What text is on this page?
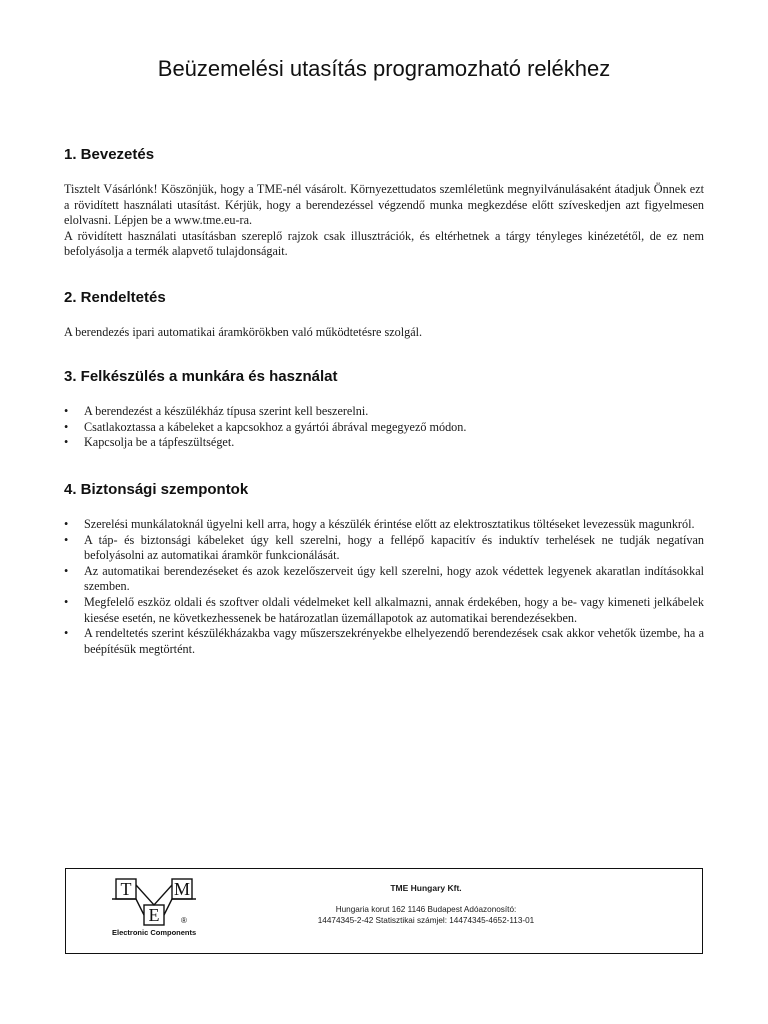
Beüzemelési utasítás programozható relékhez
1. Bevezetés

Tisztelt Vásárlónk! Köszönjük, hogy a TME-nél vásárolt. Környezettudatos szemléletünk megnyilvánulásaként átadjuk Önnek ezt a rövidített használati utasítást. Kérjük, hogy a berendezéssel végzendő munka megkezdése előtt szíveskedjen azt figyelmesen elolvasni. Lépjen be a www.tme.eu-ra.

A rövidített használati utasításban szereplő rajzok csak illusztrációk, és eltérhetnek a tárgy tényleges kinézetétől, de ez nem befolyásolja a termék alapvető tulajdonságait.

2. Rendeltetés

A berendezés ipari automatikai áramkörökben való működtetésre szolgál.

3. Felkészülés a munkára és használat
• A berendezést a készülékház típusa szerint kell beszerelni.
• Csatlakoztassa a kábeleket a kapcsokhoz a gyártói ábrával megegyező módon.
• Kapcsolja be a tápfeszültséget.
4. Biztonsági szempontok
• Szerelési munkálatoknál ügyelni kell arra, hogy a készülék érintése előtt az elektrosztatikus töltéseket levezessük magunkról.
• A táp- és biztonsági kábeleket úgy kell szerelni, hogy a fellépő kapacitív és induktív terhelések ne tudják negatívan befolyásolni az automatikai áramkör funkcionálását.
• Az automatikai berendezéseket és azok kezelőszerveit úgy kell szerelni, hogy azok védettek legyenek akaratlan indításokkal szemben.
• Megfelelő eszköz oldali és szoftver oldali védelmeket kell alkalmazni, annak érdekében, hogy a be- vagy kimeneti jelkábelek kiesése esetén, ne következhessenek be határozatlan üzemállapotok az automatikai berendezésekben.
• A rendeltetés szerint készülékházakba vagy műszerszekrényekbe elhelyezendő berendezések csak akkor vehetők üzembe, ha a beépítésük megtörtént.
T M
E	®
Electronic Components
TME Hungary Kft.
Hungaria korut 162 1146 Budapest Adóazonosító:
14474345-2-42 Statisztikai számjel: 14474345-4652-113-01
